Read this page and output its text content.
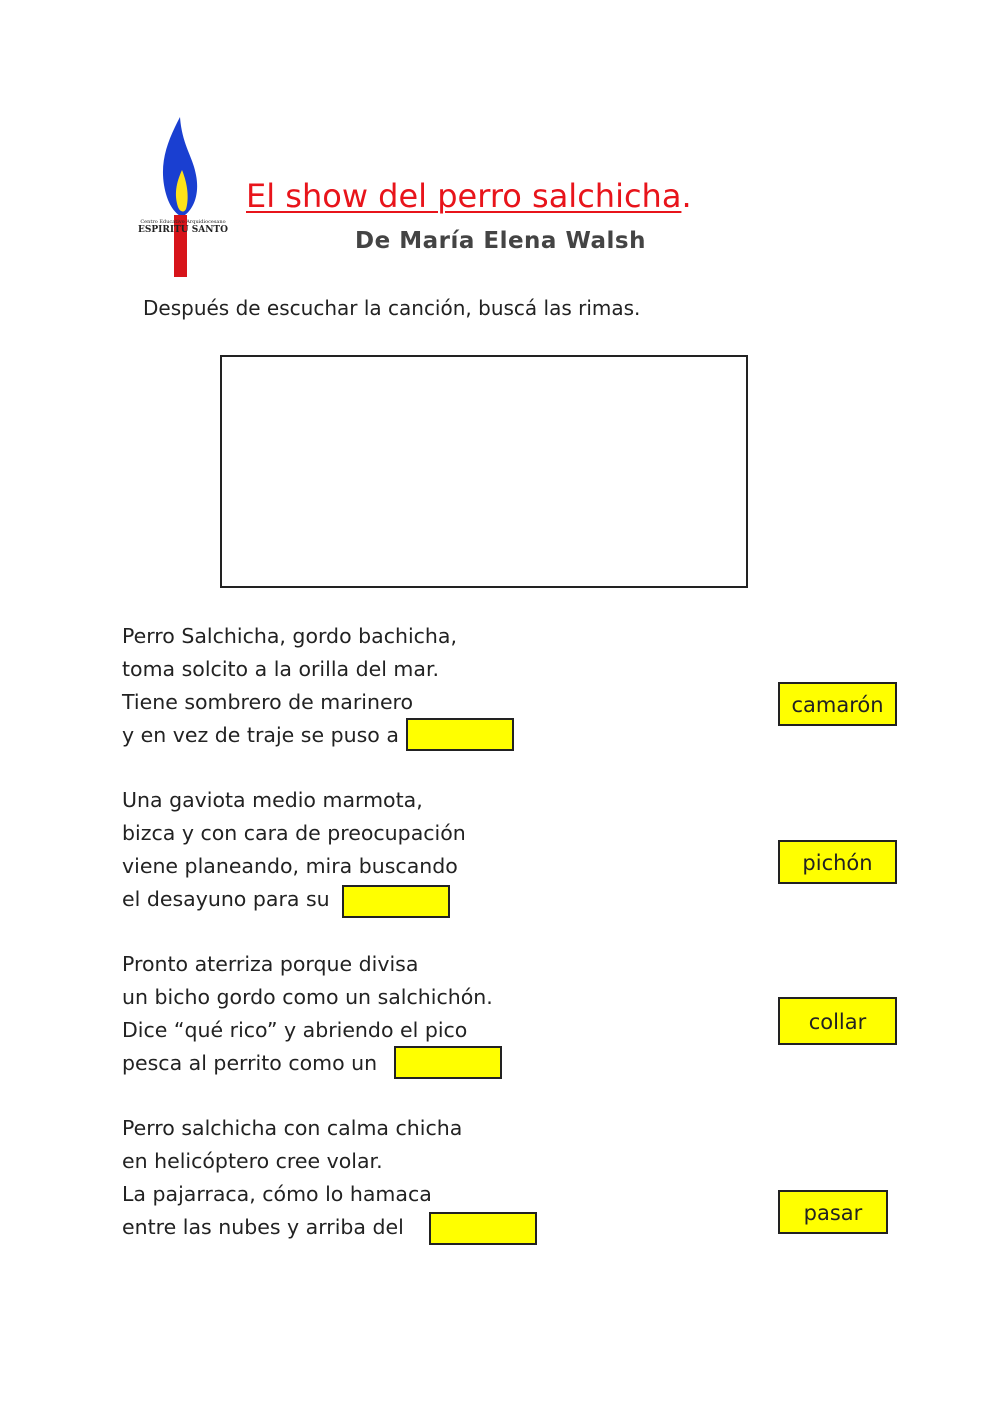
Centro Educativo Arquidiocesano
ESPIRITU SANTO
El show del perro salchicha.
De María Elena Walsh
Después de escuchar la canción, buscá las rimas.
Perro Salchicha, gordo bachicha,
toma solcito a la orilla del mar.
Tiene sombrero de marinero
y en vez de traje se puso a
Una gaviota medio marmota,
bizca y con cara de preocupación
viene planeando, mira buscando
el desayuno para su
Pronto aterriza porque divisa
un bicho gordo como un salchichón.
Dice “qué rico” y abriendo el pico
pesca al perrito como un
Perro salchicha con calma chicha
en helicóptero cree volar.
La pajarraca, cómo lo hamaca
entre las nubes y arriba del
camarón
pichón
collar
pasar
